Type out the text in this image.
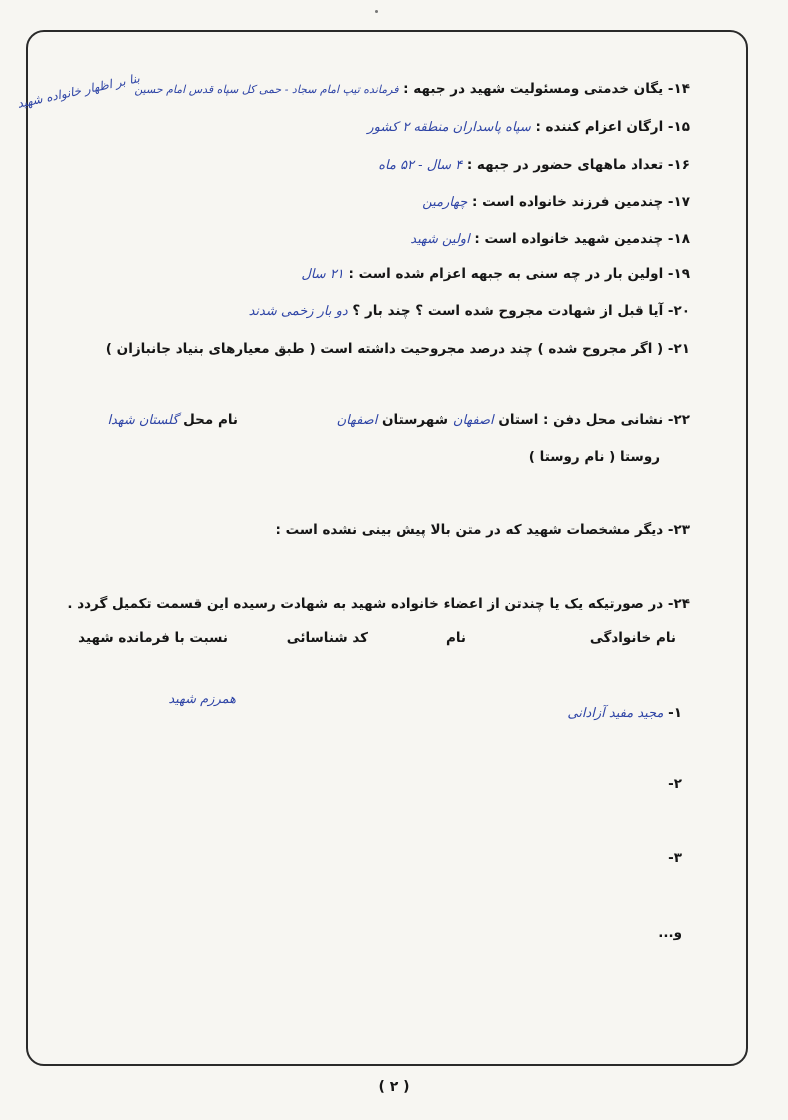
بنا بر اظهار خانواده شهید	۱۴- یگان خدمتی ومسئولیت شهید در جبهه : فرمانده تیپ امام سجاد - حمی کل سپاه قدس امام حسین
۱۵- ارگان اعزام کننده : سپاه پاسداران منطقه ۲ کشور
۱۶- تعداد ماههای حضور در جبهه : ۴ سال - ۵۲ ماه
۱۷- چندمین فرزند خانواده است : چهارمین
۱۸- چندمین شهید خانواده است : اولین شهید
۱۹- اولین بار در چه سنی به جبهه اعزام شده است : ۲۱ سال
۲۰- آیا قبل از شهادت مجروح شده است ؟ چند بار ؟ دو بار زخمی شدند
۲۱- ( اگر مجروح شده ) چند درصد مجروحیت داشته است ( طبق معیارهای بنیاد جانبازان )
۲۲- نشانی محل دفن : استان اصفهان
شهرستان اصفهان
نام محل گلستان شهدا
روستا ( نام روستا )
۲۳- دیگر مشخصات شهید که در متن بالا پیش بینی نشده است :
۲۴- در صورتیکه یک یا چندتن از اعضاء خانواده شهید به شهادت رسیده این قسمت تکمیل گردد .
نام خانوادگی
نام
کد شناسائی
نسبت با فرمانده شهید
۱- مجید مفید آزادانی
همرزم شهید
۲-
۳-
و...
( ۲ )
